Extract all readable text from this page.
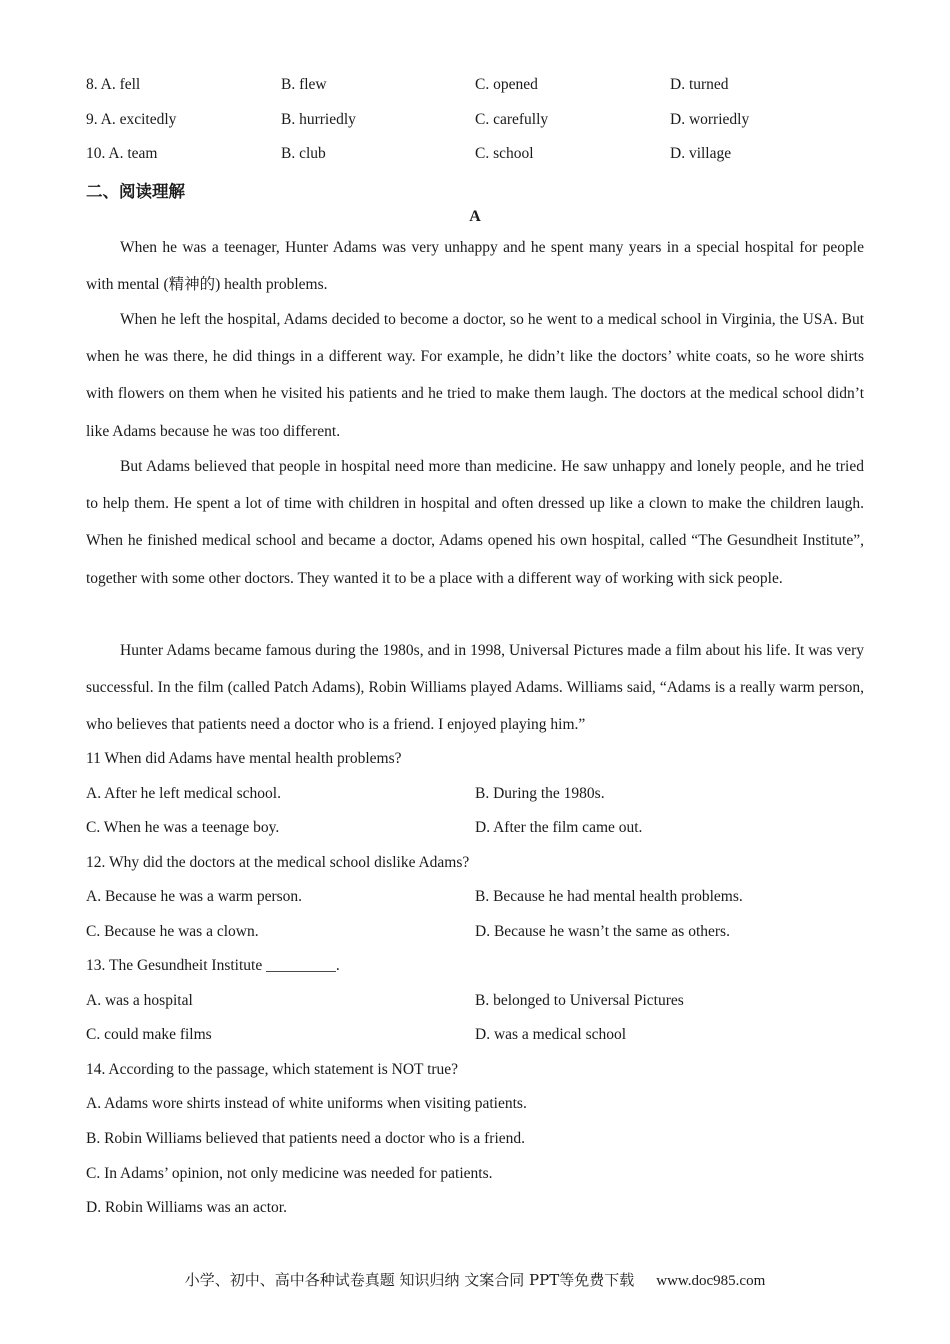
8. A. fell	B. flew	C. opened	D. turned
9. A. excitedly	B. hurriedly	C. carefully	D. worriedly
10. A. team	B. club	C. school	D. village
二、阅读理解
A

When he was a teenager, Hunter Adams was very unhappy and he spent many years in a special hospital for people with mental (精神的) health problems.

When he left the hospital, Adams decided to become a doctor, so he went to a medical school in Virginia, the USA. But when he was there, he did things in a different way. For example, he didn’t like the doctors’ white coats, so he wore shirts with flowers on them when he visited his patients and he tried to make them laugh. The doctors at the medical school didn’t like Adams because he was too different.

But Adams believed that people in hospital need more than medicine. He saw unhappy and lonely people, and he tried to help them. He spent a lot of time with children in hospital and often dressed up like a clown to make the children laugh. When he finished medical school and became a doctor, Adams opened his own hospital, called “The Gesundheit Institute”, together with some other doctors. They wanted it to be a place with a different way of working with sick people.

Hunter Adams became famous during the 1980s, and in 1998, Universal Pictures made a film about his life. It was very successful. In the film (called Patch Adams), Robin Williams played Adams. Williams said, “Adams is a really warm person, who believes that patients need a doctor who is a friend. I enjoyed playing him.”

11 When did Adams have mental health problems?
A. After he left medical school.	B. During the 1980s.
C. When he was a teenage boy.	D. After the film came out.
12. Why did the doctors at the medical school dislike Adams?
A. Because he was a warm person.	B. Because he had mental health problems.
C. Because he was a clown.	D. Because he wasn’t the same as others.
13. The Gesundheit Institute _________.
A. was a hospital	B. belonged to Universal Pictures
C. could make films	D. was a medical school
14. According to the passage, which statement is NOT true?
A. Adams wore shirts instead of white uniforms when visiting patients.
B. Robin Williams believed that patients need a doctor who is a friend.
C. In Adams’ opinion, not only medicine was needed for patients.
D. Robin Williams was an actor.
小学、初中、高中各种试卷真题 知识归纳 文案合同 PPT等免费下载 www.doc985.com
